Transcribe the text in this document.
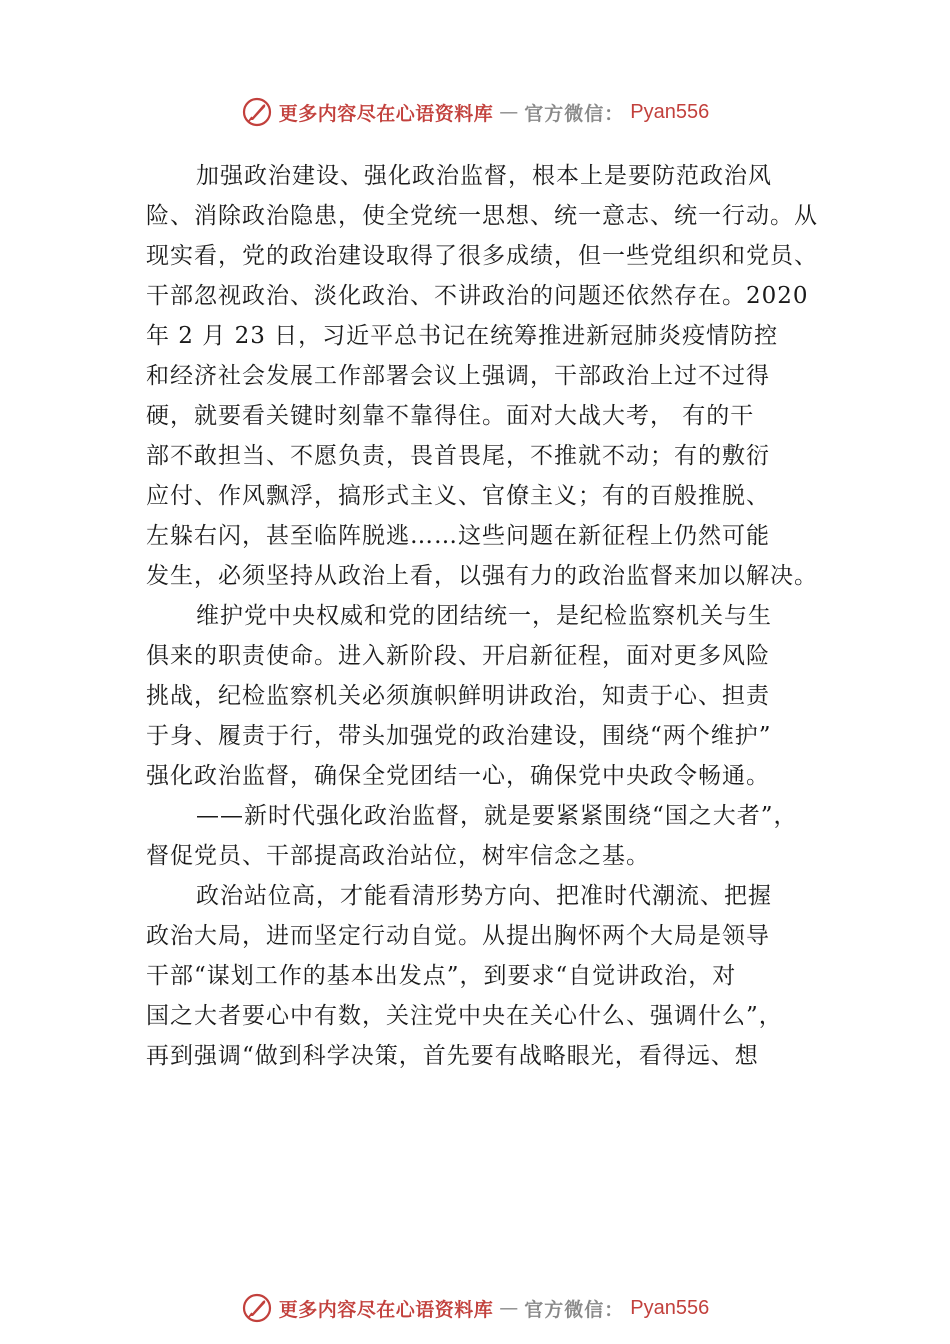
更多内容尽在心语资料库 — 官方微信： Pyan556
加强政治建设、强化政治监督，根本上是要防范政治风
险、消除政治隐患，使全党统一思想、统一意志、统一行动。从
现实看，党的政治建设取得了很多成绩，但一些党组织和党员、
干部忽视政治、淡化政治、不讲政治的问题还依然存在。2020
年 2 月 23 日，习近平总书记在统筹推进新冠肺炎疫情防控
和经济社会发展工作部署会议上强调，干部政治上过不过得
硬，就要看关键时刻靠不靠得住。面对大战大考， 有的干
部不敢担当、不愿负责，畏首畏尾，不推就不动；有的敷衍
应付、作风飘浮，搞形式主义、官僚主义；有的百般推脱、
左躲右闪，甚至临阵脱逃……这些问题在新征程上仍然可能
发生，必须坚持从政治上看，以强有力的政治监督来加以解决。
维护党中央权威和党的团结统一，是纪检监察机关与生
俱来的职责使命。进入新阶段、开启新征程，面对更多风险
挑战，纪检监察机关必须旗帜鲜明讲政治，知责于心、担责
于身、履责于行，带头加强党的政治建设，围绕“两个维护”
强化政治监督，确保全党团结一心，确保党中央政令畅通。
——新时代强化政治监督，就是要紧紧围绕“国之大者”，
督促党员、干部提高政治站位，树牢信念之基。
政治站位高，才能看清形势方向、把准时代潮流、把握
政治大局，进而坚定行动自觉。从提出胸怀两个大局是领导
干部“谋划工作的基本出发点”，到要求“自觉讲政治，对
国之大者要心中有数，关注党中央在关心什么、强调什么”，
再到强调“做到科学决策，首先要有战略眼光，看得远、想
更多内容尽在心语资料库 — 官方微信： Pyan556
